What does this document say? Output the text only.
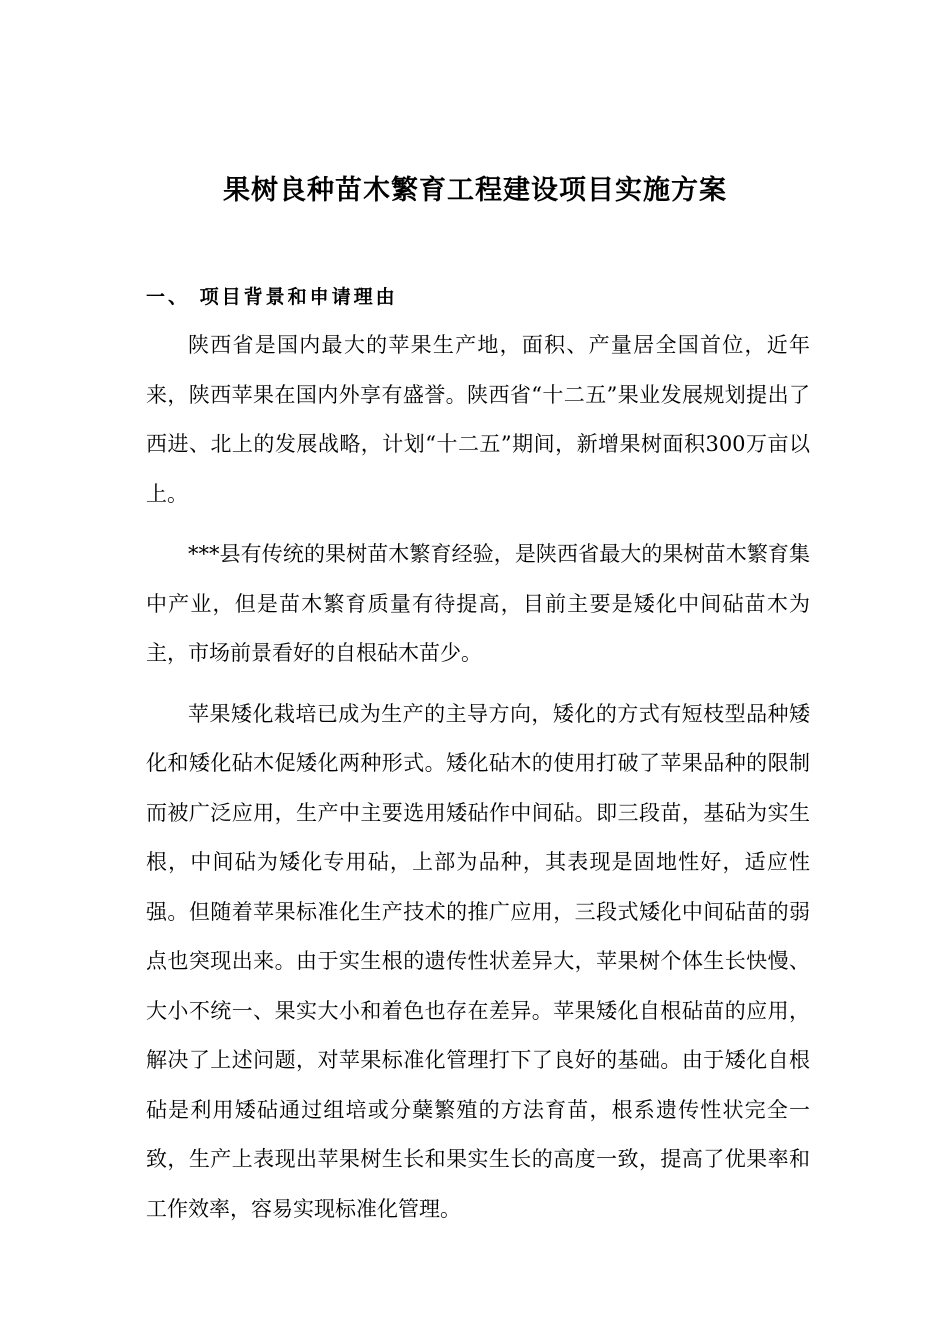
果树良种苗木繁育工程建设项目实施方案
一、 项目背景和申请理由

陕西省是国内最大的苹果生产地，面积、产量居全国首位，近年来，陕西苹果在国内外享有盛誉。陕西省“十二五”果业发展规划提出了西进、北上的发展战略，计划“十二五”期间，新增果树面积300万亩以上。

***县有传统的果树苗木繁育经验，是陕西省最大的果树苗木繁育集中产业，但是苗木繁育质量有待提高，目前主要是矮化中间砧苗木为主，市场前景看好的自根砧木苗少。

苹果矮化栽培已成为生产的主导方向，矮化的方式有短枝型品种矮化和矮化砧木促矮化两种形式。矮化砧木的使用打破了苹果品种的限制而被广泛应用，生产中主要选用矮砧作中间砧。即三段苗，基砧为实生根，中间砧为矮化专用砧，上部为品种，其表现是固地性好，适应性强。但随着苹果标准化生产技术的推广应用，三段式矮化中间砧苗的弱点也突现出来。由于实生根的遗传性状差异大，苹果树个体生长快慢、大小不统一、果实大小和着色也存在差异。苹果矮化自根砧苗的应用，解决了上述问题，对苹果标准化管理打下了良好的基础。由于矮化自根砧是利用矮砧通过组培或分蘖繁殖的方法育苗，根系遗传性状完全一致，生产上表现出苹果树生长和果实生长的高度一致，提高了优果率和工作效率，容易实现标准化管理。
